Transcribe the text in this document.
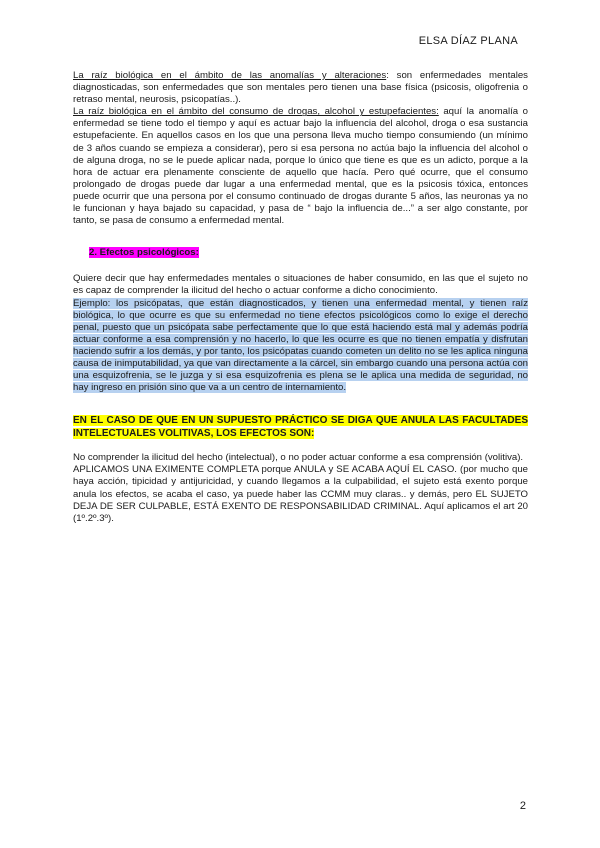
ELSA DÍAZ PLANA

La raíz biológica en el ámbito de las anomalías y alteraciones: son enfermedades mentales diagnosticadas, son enfermedades que son mentales pero tienen una base física (psicosis, oligofrenia o retraso mental, neurosis, psicopatías..).

La raíz biológica en el ámbito del consumo de drogas, alcohol y estupefacientes: aquí la anomalía o enfermedad se tiene todo el tiempo y aquí es actuar bajo la influencia del alcohol, droga o esa sustancia estupefaciente. En aquellos casos en los que una persona lleva mucho tiempo consumiendo (un mínimo de 3 años cuando se empieza a considerar), pero si esa persona no actúa bajo la influencia del alcohol o de alguna droga, no se le puede aplicar nada, porque lo único que tiene es que es un adicto, porque a la hora de actuar era plenamente consciente de aquello que hacía. Pero qué ocurre, que el consumo prolongado de drogas puede dar lugar a una enfermedad mental, que es la psicosis tóxica, entonces puede ocurrir que una persona por el consumo continuado de drogas durante 5 años, las neuronas ya no le funcionan y haya bajado su capacidad, y pasa de “ bajo la influencia de...” a ser algo constante, por tanto, se pasa de consumo a enfermedad mental.

2. Efectos psicológicos:

Quiere decir que hay enfermedades mentales o situaciones de haber consumido, en las que el sujeto no es capaz de comprender la ilicitud del hecho o actuar conforme a dicho conocimiento.

Ejemplo: los psicópatas, que están diagnosticados, y tienen una enfermedad mental, y tienen raíz biológica, lo que ocurre es que su enfermedad no tiene efectos psicológicos como lo exige el derecho penal, puesto que un psicópata sabe perfectamente que lo que está haciendo está mal y además podría actuar conforme a esa comprensión y no hacerlo, lo que les ocurre es que no tienen empatía y disfrutan haciendo sufrir a los demás, y por tanto, los psicópatas cuando cometen un delito no se les aplica ninguna causa de inimputabilidad, ya que van directamente a la cárcel, sin embargo cuando una persona actúa con una esquizofrenia, se le juzga y si esa esquizofrenia es plena se le aplica una medida de seguridad, no hay ingreso en prisión sino que va a un centro de internamiento.

EN EL CASO DE QUE EN UN SUPUESTO PRÁCTICO SE DIGA QUE ANULA LAS FACULTADES INTELECTUALES VOLITIVAS, LOS EFECTOS SON:

No comprender la ilicitud del hecho (intelectual), o no poder actuar conforme a esa comprensión (volitiva).

APLICAMOS UNA EXIMENTE COMPLETA porque ANULA y SE ACABA AQUÍ EL CASO. (por mucho que haya acción, tipicidad y antijuricidad, y cuando llegamos a la culpabilidad, el sujeto está exento porque anula los efectos, se acaba el caso, ya puede haber las CCMM muy claras.. y demás, pero EL SUJETO DEJA DE SER CULPABLE, ESTÁ EXENTO DE RESPONSABILIDAD CRIMINAL. Aquí aplicamos el art 20 (1º.2º.3º).

2
